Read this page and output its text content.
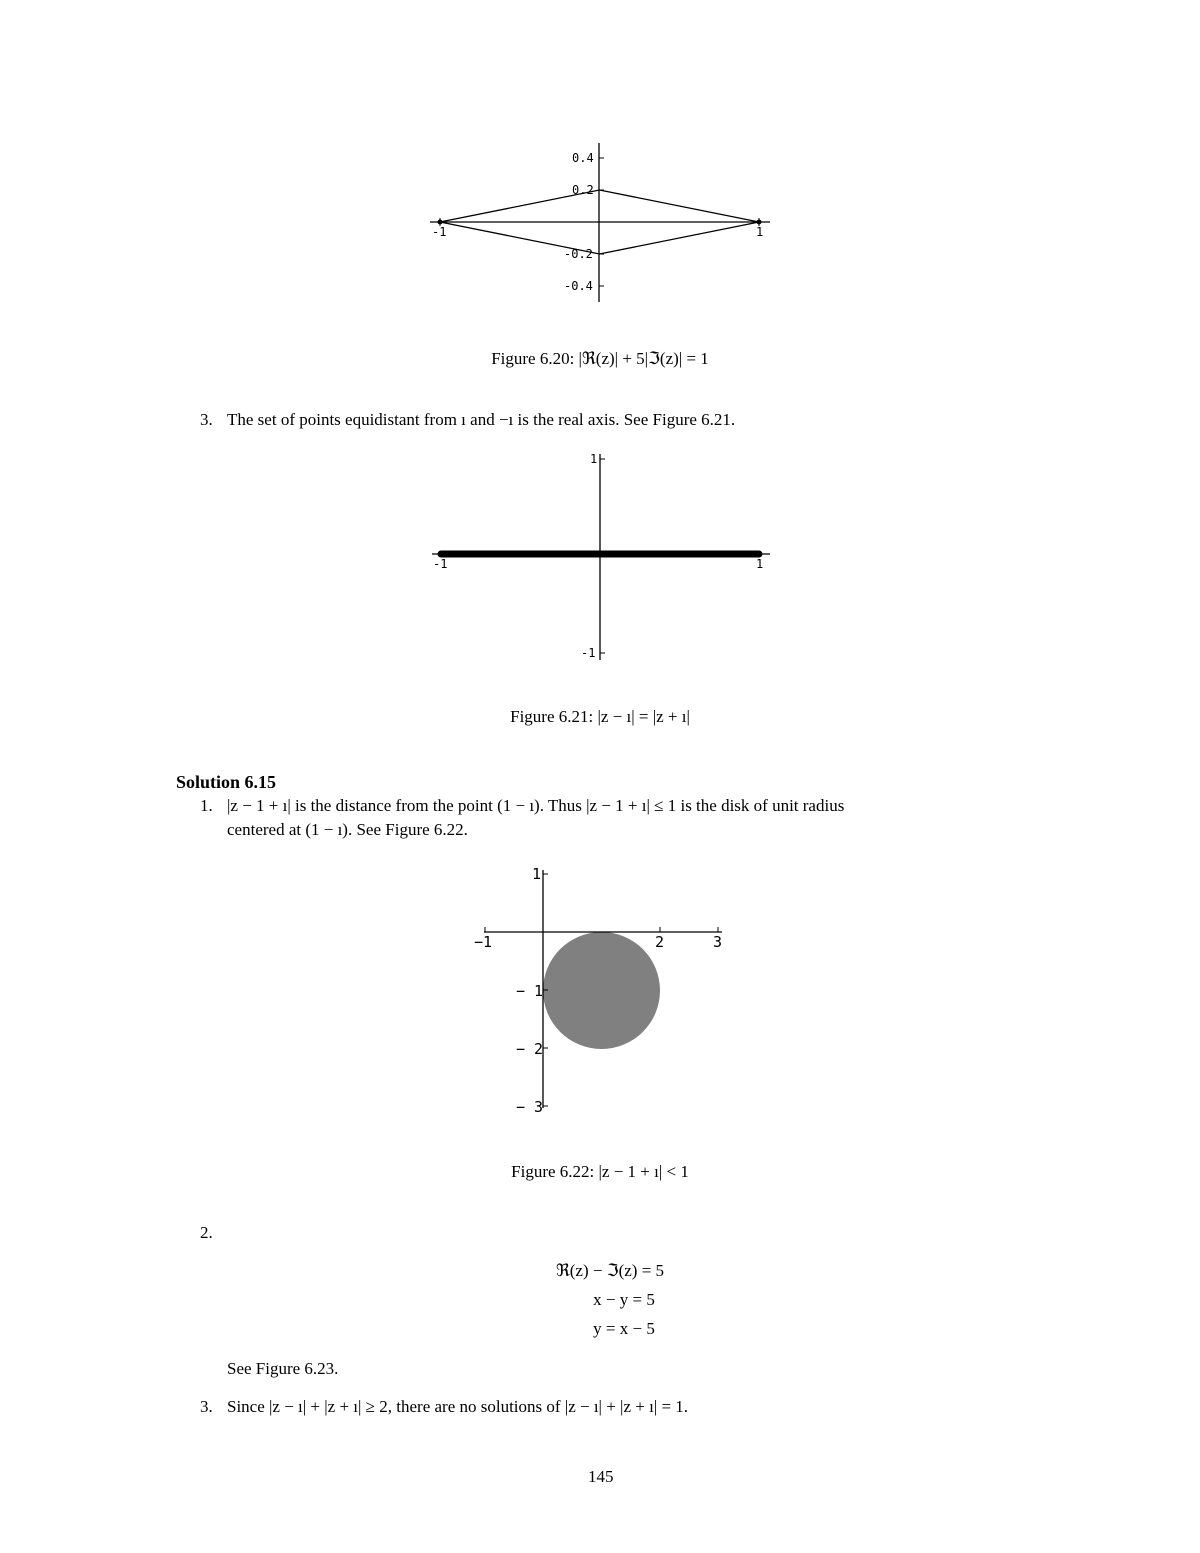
-1	1
0.4
0.2
-0.2
-0.4
Figure 6.20: |ℜ(z)| + 5|ℑ(z)| = 1
3. The set of points equidistant from ı and −ı is the real axis. See Figure 6.21.
-1	1
1
-1
Figure 6.21: |z − ı| = |z + ı|
Solution 6.15
1. |z − 1 + ı| is the distance from the point (1 − ı). Thus |z − 1 + ı| ≤ 1 is the disk of unit radius
centered at (1 − ı). See Figure 6.22.
−1	2	3
1
− 1
− 2
− 3
Figure 6.22: |z − 1 + ı| < 1
2.
ℜ(z) − ℑ(z) = 5
x − y = 5
y = x − 5
See Figure 6.23.
3. Since |z − ı| + |z + ı| ≥ 2, there are no solutions of |z − ı| + |z + ı| = 1.
145
